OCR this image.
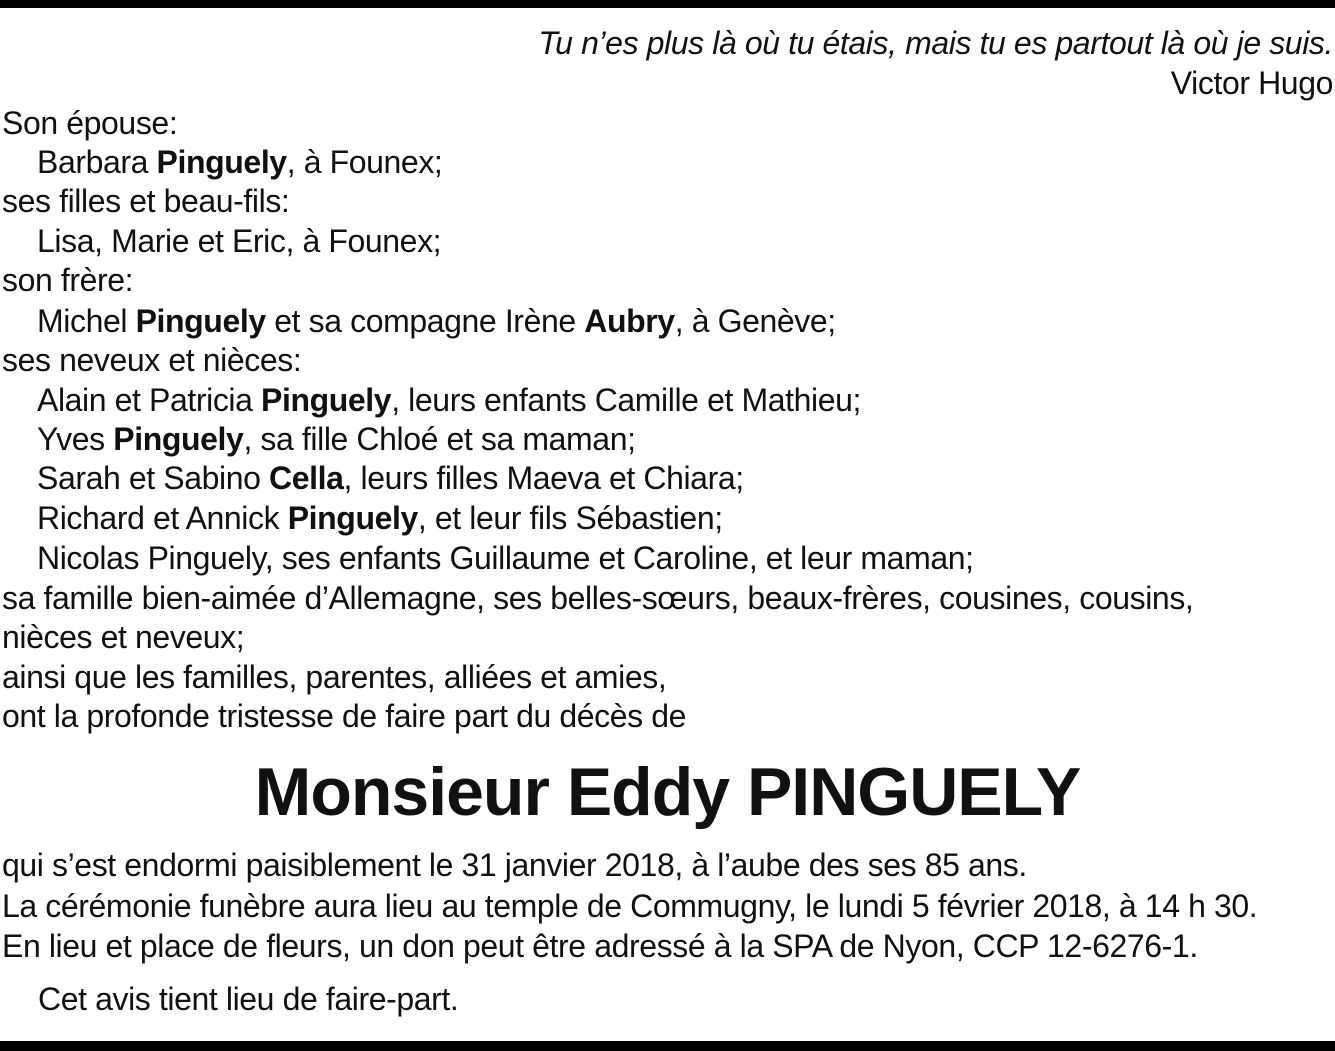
Tu n’es plus là où tu étais, mais tu es partout là où je suis.
Victor Hugo
Son épouse:
Barbara Pinguely, à Founex;
ses filles et beau-fils:
Lisa, Marie et Eric, à Founex;
son frère:
Michel Pinguely et sa compagne Irène Aubry, à Genève;
ses neveux et nièces:
Alain et Patricia Pinguely, leurs enfants Camille et Mathieu;
Yves Pinguely, sa fille Chloé et sa maman;
Sarah et Sabino Cella, leurs filles Maeva et Chiara;
Richard et Annick Pinguely, et leur fils Sébastien;
Nicolas Pinguely, ses enfants Guillaume et Caroline, et leur maman;
sa famille bien-aimée d’Allemagne, ses belles-sœurs, beaux-frères, cousines, cousins,
nièces et neveux;
ainsi que les familles, parentes, alliées et amies,
ont la profonde tristesse de faire part du décès de
Monsieur Eddy PINGUELY
qui s’est endormi paisiblement le 31 janvier 2018, à l’aube des ses 85 ans.
La cérémonie funèbre aura lieu au temple de Commugny, le lundi 5 février 2018, à 14 h 30.
En lieu et place de fleurs, un don peut être adressé à la SPA de Nyon, CCP 12-6276-1.
Cet avis tient lieu de faire-part.
